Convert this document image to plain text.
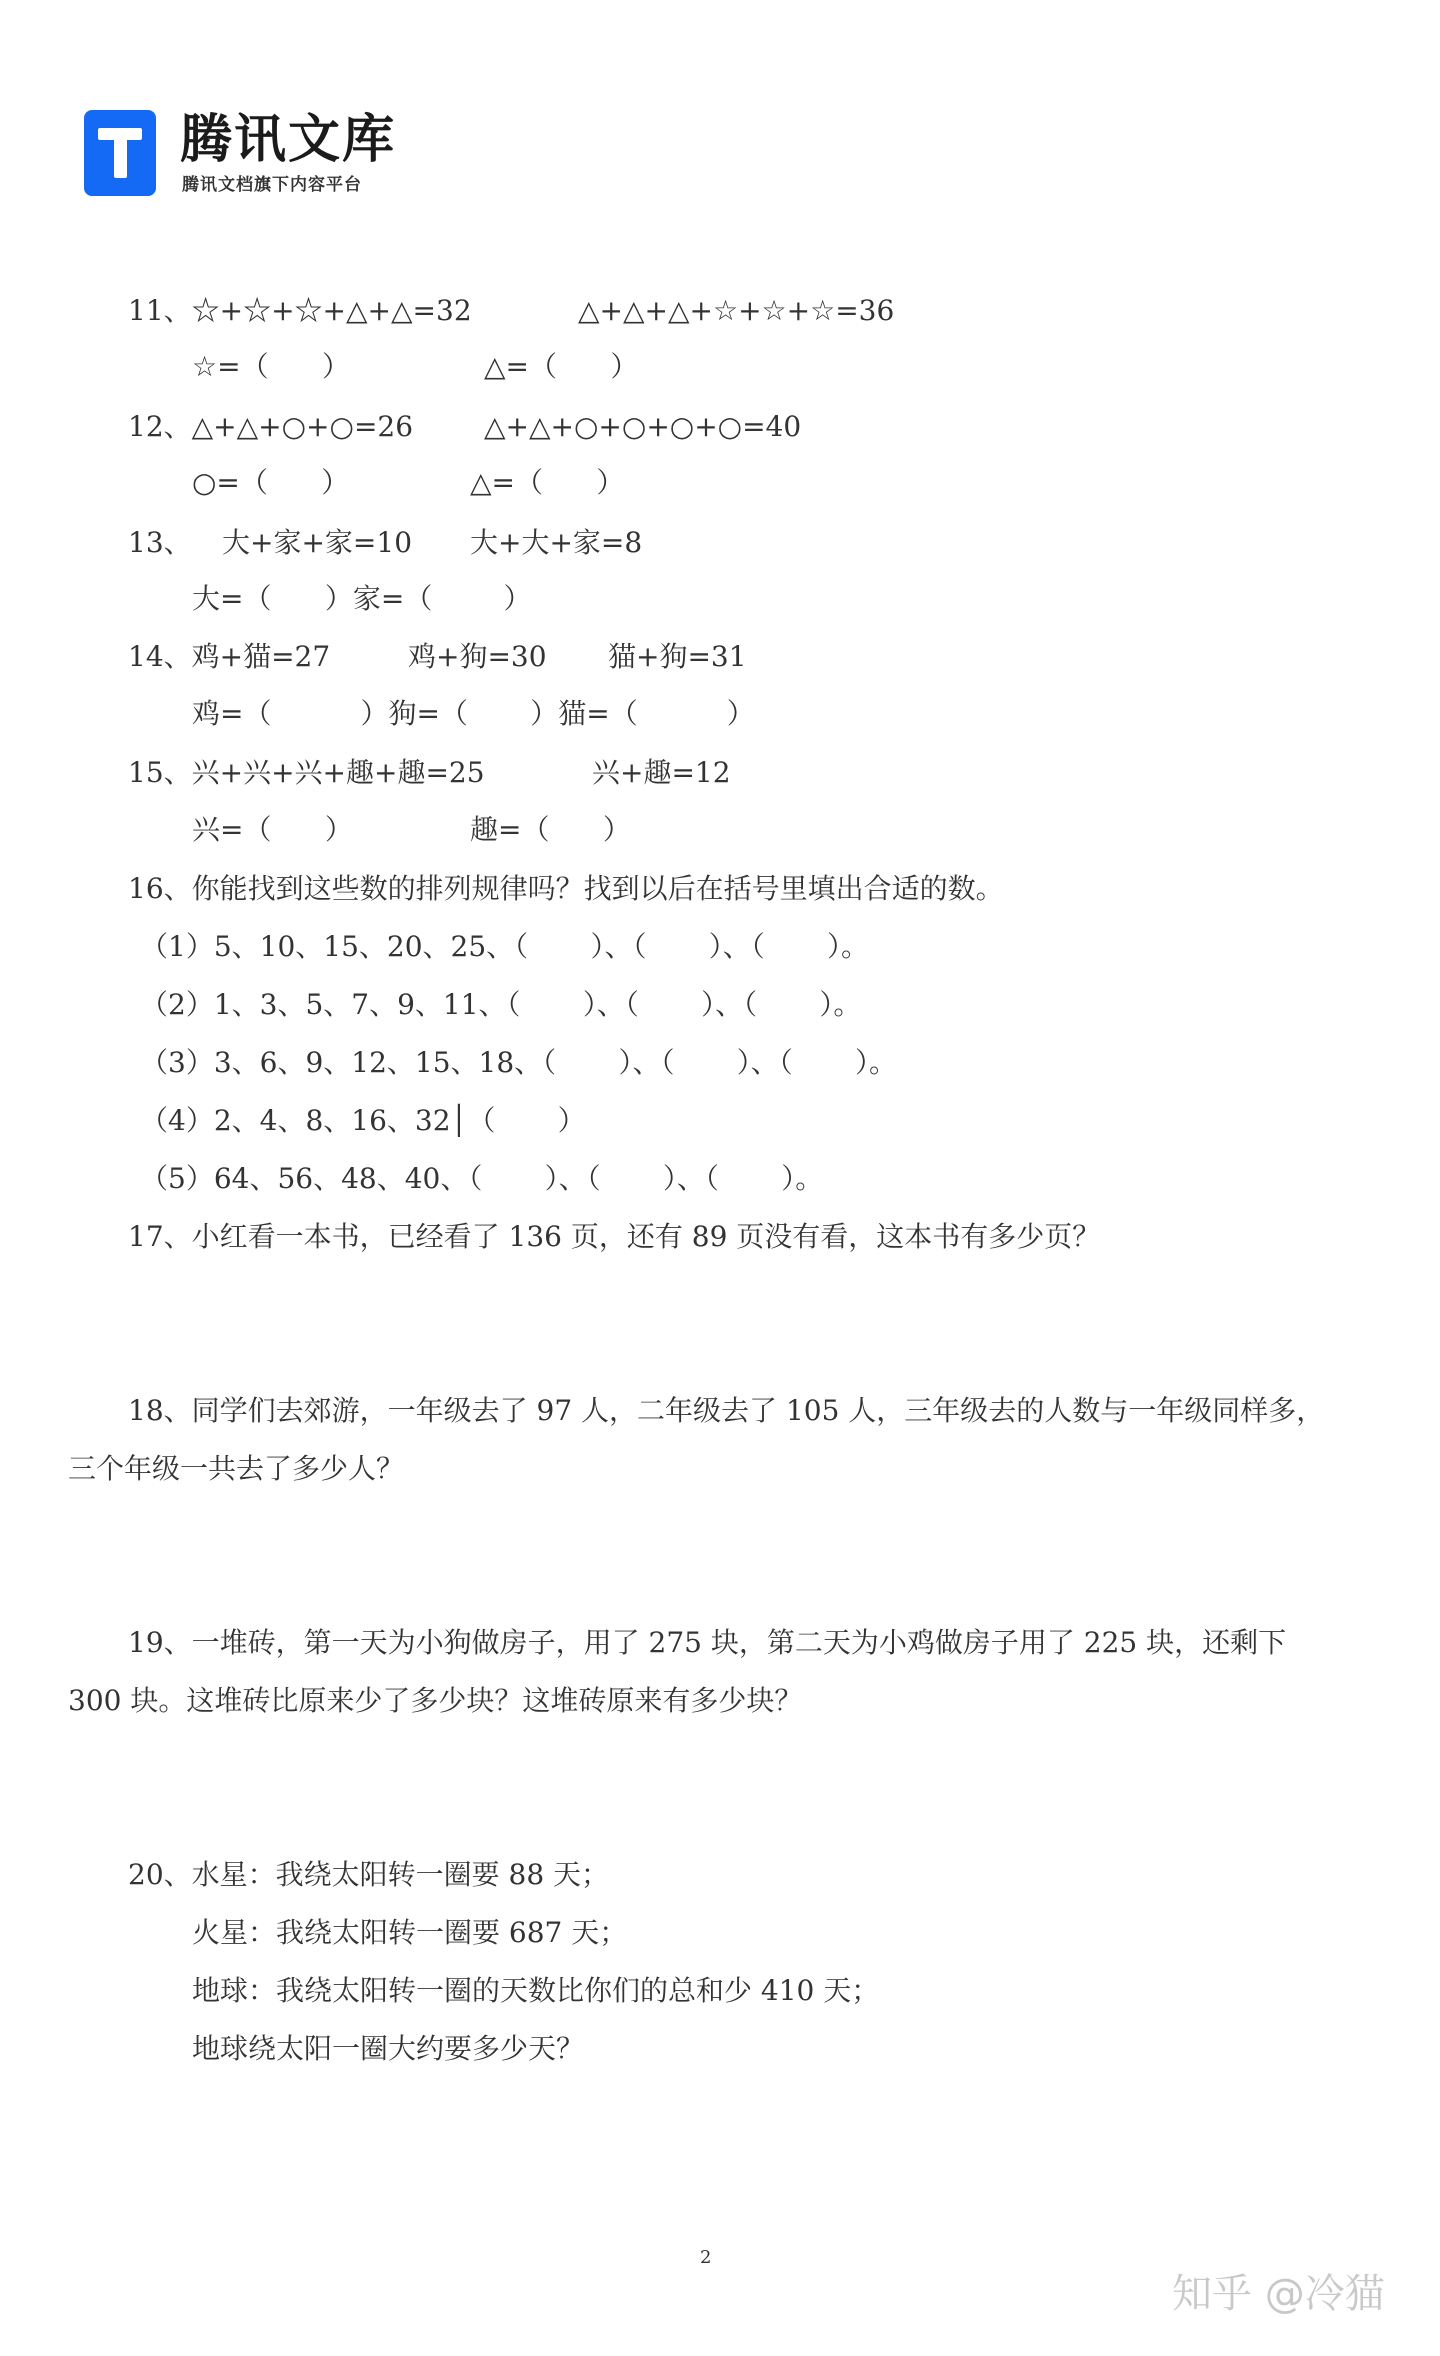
腾讯文库
腾讯文档旗下内容平台
11、☆+☆+☆+△+△=32	△+△+△+☆+☆+☆=36
☆=（      ）	△=（      ）
12、△+△+○+○=26	△+△+○+○+○+○=40
○=（      ）	△=（      ）
13、 大+家+家=10 大+大+家=8
大=（      ）家=（        ）
14、鸡+猫=27	鸡+狗=30 猫+狗=31
鸡=（          ）狗=（       ）猫=（          ）
15、兴+兴+兴+趣+趣=25	兴+趣=12
兴=（      ）	趣=（      ）
16、你能找到这些数的排列规律吗？找到以后在括号里填出合适的数。
（1）5、10、15、20、25、（       ）、（       ）、（       ）。
（2）1、3、5、7、9、11、（       ）、（       ）、（       ）。
（3）3、6、9、12、15、18、（       ）、（       ）、（       ）。
（4）2、4、8、16、32│（       ）
（5）64、56、48、40、（       ）、（       ）、（       ）。
17、小红看一本书，已经看了 136 页，还有 89 页没有看，这本书有多少页？
18、同学们去郊游，一年级去了 97 人，二年级去了 105 人，三年级去的人数与一年级同样多，
三个年级一共去了多少人？
19、一堆砖，第一天为小狗做房子，用了 275 块，第二天为小鸡做房子用了 225 块，还剩下
300 块。这堆砖比原来少了多少块？这堆砖原来有多少块？
20、水星：我绕太阳转一圈要 88 天；
火星：我绕太阳转一圈要 687 天；
地球：我绕太阳转一圈的天数比你们的总和少 410 天；
地球绕太阳一圈大约要多少天？
2
知乎 @冷猫
